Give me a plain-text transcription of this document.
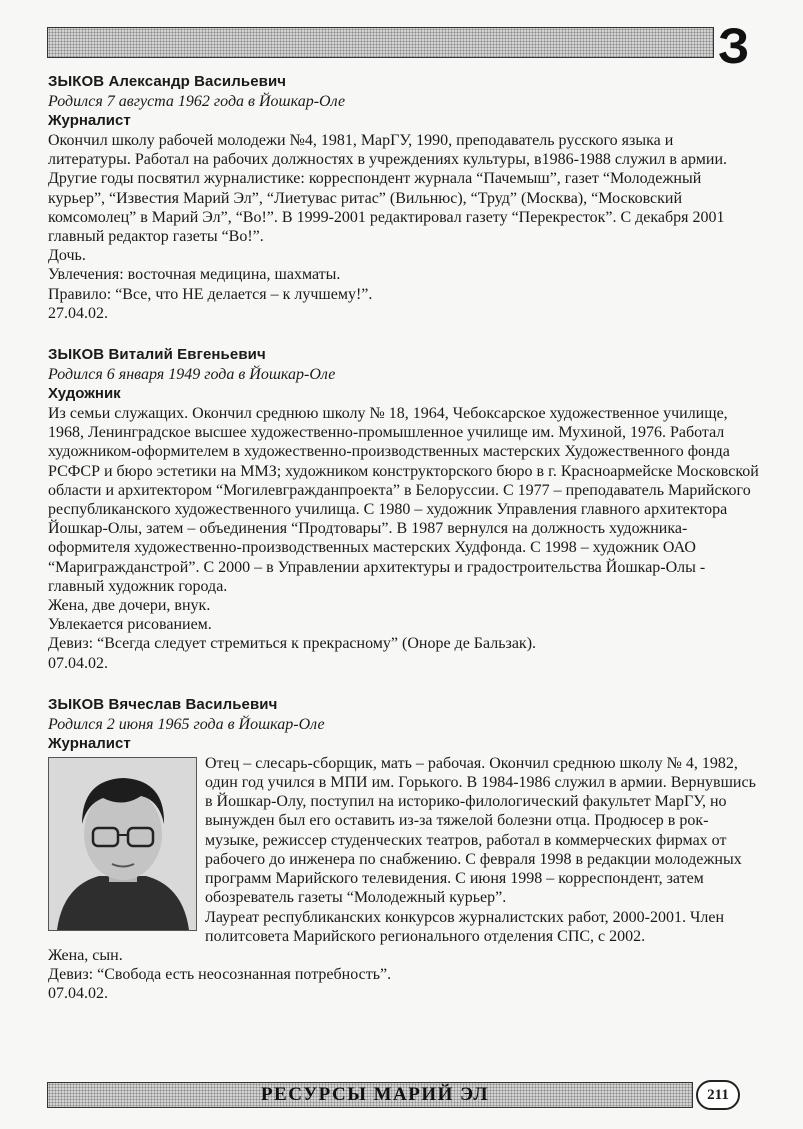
З
ЗЫКОВ Александр Васильевич
Родился 7 августа 1962 года в Йошкар-Оле
Журналист

Окончил школу рабочей молодежи №4, 1981, МарГУ, 1990, преподаватель русского языка и литературы. Работал на рабочих должностях в учреждениях культуры, в1986-1988 служил в армии. Другие годы посвятил журналистике: корреспондент журнала “Пачемыш”, газет “Молодежный курьер”, “Известия Марий Эл”, “Лиетувас ритас” (Вильнюс), “Труд” (Москва), “Московский комсомолец” в Марий Эл”, “Во!”. В 1999-2001 редактировал газету “Перекресток”. С декабря 2001 главный редактор газеты “Во!”.

Дочь.

Увлечения: восточная медицина, шахматы.

Правило: “Все, что НЕ делается – к лучшему!”.

27.04.02.

ЗЫКОВ Виталий Евгеньевич
Родился 6 января 1949 года в Йошкар-Оле
Художник

Из семьи служащих. Окончил среднюю школу № 18, 1964, Чебоксарское художественное училище, 1968, Ленинградское высшее художественно-промышленное училище им. Мухиной, 1976. Работал художником-оформителем в художественно-производственных мастерских Художественного фонда РСФСР и бюро эстетики на ММЗ; художником конструкторского бюро в г. Красноармейске Московской области и архитектором “Могилевгражданпроекта” в Белоруссии. С 1977 – преподаватель Марийского республиканского художественного училища. С 1980 – художник Управления главного архитектора Йошкар-Олы, затем – объединения “Продтовары”. В 1987 вернулся на должность художника-оформителя художественно-производственных мастерских Худфонда. С 1998 – художник ОАО “Маригражданстрой”. С 2000 – в Управлении архитектуры и градостроительства Йошкар-Олы - главный художник города.

Жена, две дочери, внук.

Увлекается рисованием.

Девиз: “Всегда следует стремиться к прекрасному” (Оноре де Бальзак).

07.04.02.

ЗЫКОВ Вячеслав Васильевич
Родился 2 июня 1965 года в Йошкар-Оле
Журналист

Отец – слесарь-сборщик, мать – рабочая. Окончил среднюю школу № 4, 1982, один год учился в МПИ им. Горького. В 1984-1986 служил в армии. Вернувшись в Йошкар-Олу, поступил на историко-филологический факультет МарГУ, но вынужден был его оставить из-за тяжелой болезни отца. Продюсер в рок-музыке, режиссер студенческих театров, работал в коммерческих фирмах от рабочего до инженера по снабжению. С февраля 1998 в редакции молодежных программ Марийского телевидения. С июня 1998 – корреспондент, затем обозреватель газеты “Молодежный курьер”.

Лауреат республиканских конкурсов журналистских работ, 2000-2001. Член политсовета Марийского регионального отделения СПС, с 2002.

Жена, сын.

Девиз: “Свобода есть неосознанная потребность”.

07.04.02.

РЕСУРСЫ МАРИЙ ЭЛ	211
